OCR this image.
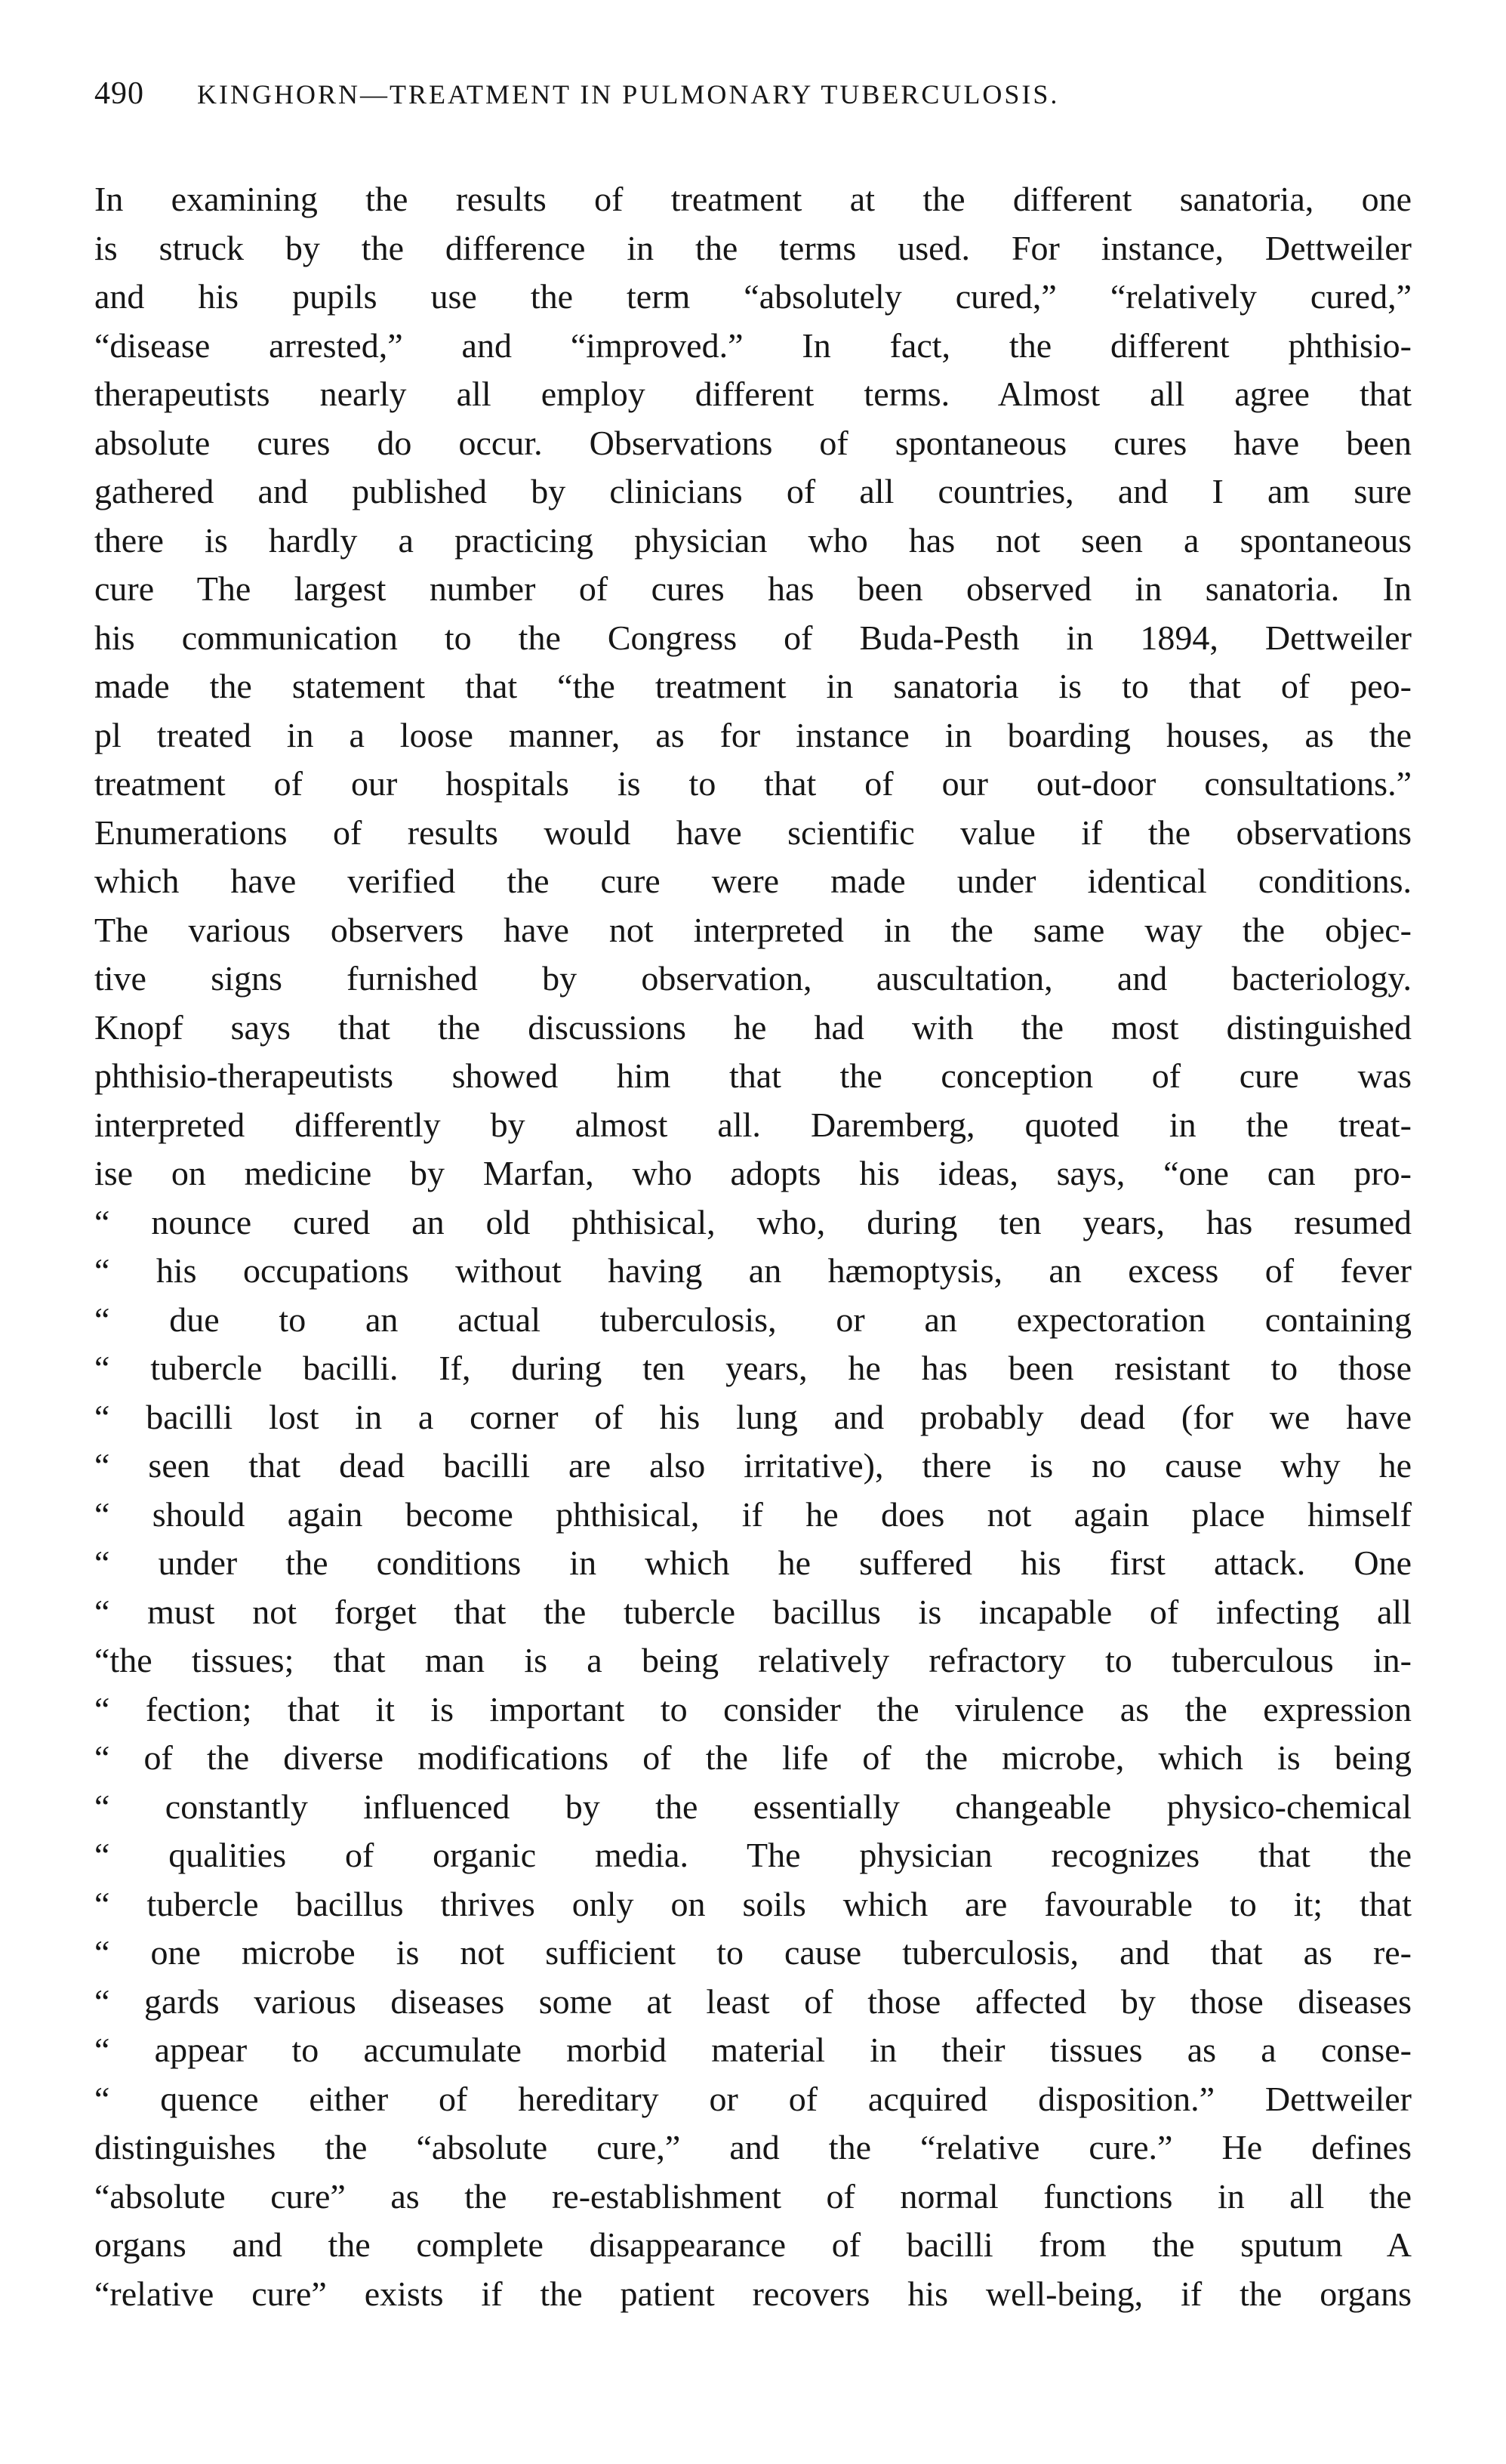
490 KINGHORN—TREATMENT IN PULMONARY TUBERCULOSIS.
In examining the results of treatment at the different sanatoria, one
is struck by the difference in the terms used. For instance, Dettweiler
and his pupils use the term “absolutely cured,” “relatively cured,”
“disease arrested,” and “improved.” In fact, the different phthisio-
therapeutists nearly all employ different terms. Almost all agree that
absolute cures do occur. Observations of spontaneous cures have been
gathered and published by clinicians of all countries, and I am sure
there is hardly a practicing physician who has not seen a spontaneous
cure The largest number of cures has been observed in sanatoria. In
his communication to the Congress of Buda-Pesth in 1894, Dettweiler
made the statement that “the treatment in sanatoria is to that of peo-
pl treated in a loose manner, as for instance in boarding houses, as the
treatment of our hospitals is to that of our out-door consultations.”
Enumerations of results would have scientific value if the observations
which have verified the cure were made under identical conditions.
The various observers have not interpreted in the same way the objec-
tive signs furnished by observation, auscultation, and bacteriology.
Knopf says that the discussions he had with the most distinguished
phthisio-therapeutists showed him that the conception of cure was
interpreted differently by almost all. Daremberg, quoted in the treat-
ise on medicine by Marfan, who adopts his ideas, says, “one can pro-
“ nounce cured an old phthisical, who, during ten years, has resumed
“ his occupations without having an hæmoptysis, an excess of fever
“ due to an actual tuberculosis, or an expectoration containing
“ tubercle bacilli. If, during ten years, he has been resistant to those
“ bacilli lost in a corner of his lung and probably dead (for we have
“ seen that dead bacilli are also irritative), there is no cause why he
“ should again become phthisical, if he does not again place himself
“ under the conditions in which he suffered his first attack. One
“ must not forget that the tubercle bacillus is incapable of infecting all
“the tissues; that man is a being relatively refractory to tuberculous in-
“ fection; that it is important to consider the virulence as the expression
“ of the diverse modifications of the life of the microbe, which is being
“ constantly influenced by the essentially changeable physico-chemical
“ qualities of organic media. The physician recognizes that the
“ tubercle bacillus thrives only on soils which are favourable to it; that
“ one microbe is not sufficient to cause tuberculosis, and that as re-
“ gards various diseases some at least of those affected by those diseases
“ appear to accumulate morbid material in their tissues as a conse-
“ quence either of hereditary or of acquired disposition.” Dettweiler
distinguishes the “absolute cure,” and the “relative cure.” He defines
“absolute cure” as the re-establishment of normal functions in all the
organs and the complete disappearance of bacilli from the sputum A
“relative cure” exists if the patient recovers his well-being, if the organs
